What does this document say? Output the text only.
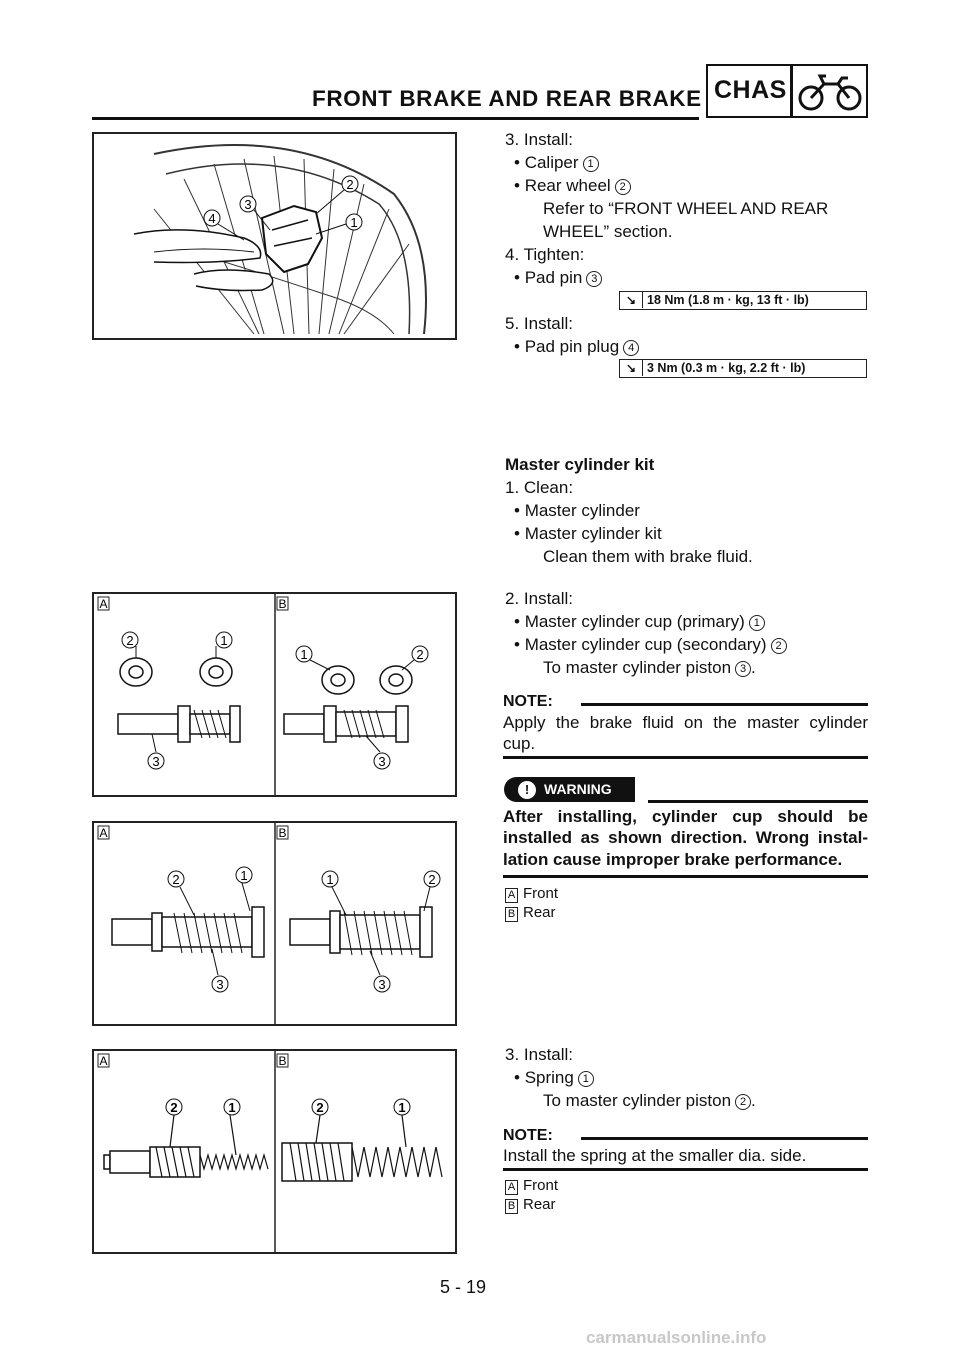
FRONT BRAKE AND REAR BRAKE CHAS
2
1
3
4
3. Install:
• Caliper 1
• Rear wheel 2
Refer to “FRONT WHEEL AND REAR
WHEEL” section.
4. Tighten:
• Pad pin 3
↘ 18 Nm (1.8 m · kg, 13 ft · lb)
5. Install:
• Pad pin plug 4
↘ 3 Nm (0.3 m · kg, 2.2 ft · lb)
Master cylinder kit
1. Clean:
• Master cylinder
• Master cylinder kit
Clean them with brake fluid.
A	B
2	1
3
1	2
3
A	B
2	1
3
1	2
3
2. Install:
• Master cylinder cup (primary) 1
• Master cylinder cup (secondary) 2
To master cylinder piston 3 .
NOTE:
Apply the brake fluid on the master cylinder
cup.
! WARNING
After installing, cylinder cup should be
installed as shown direction. Wrong instal-
lation cause improper brake performance.
A Front
B Rear
A	B
2	1	2	1
3. Install:
• Spring 1
To master cylinder piston 2 .
NOTE:
Install the spring at the smaller dia. side.
A Front
B Rear
5 - 19
carmanualsonline.info
